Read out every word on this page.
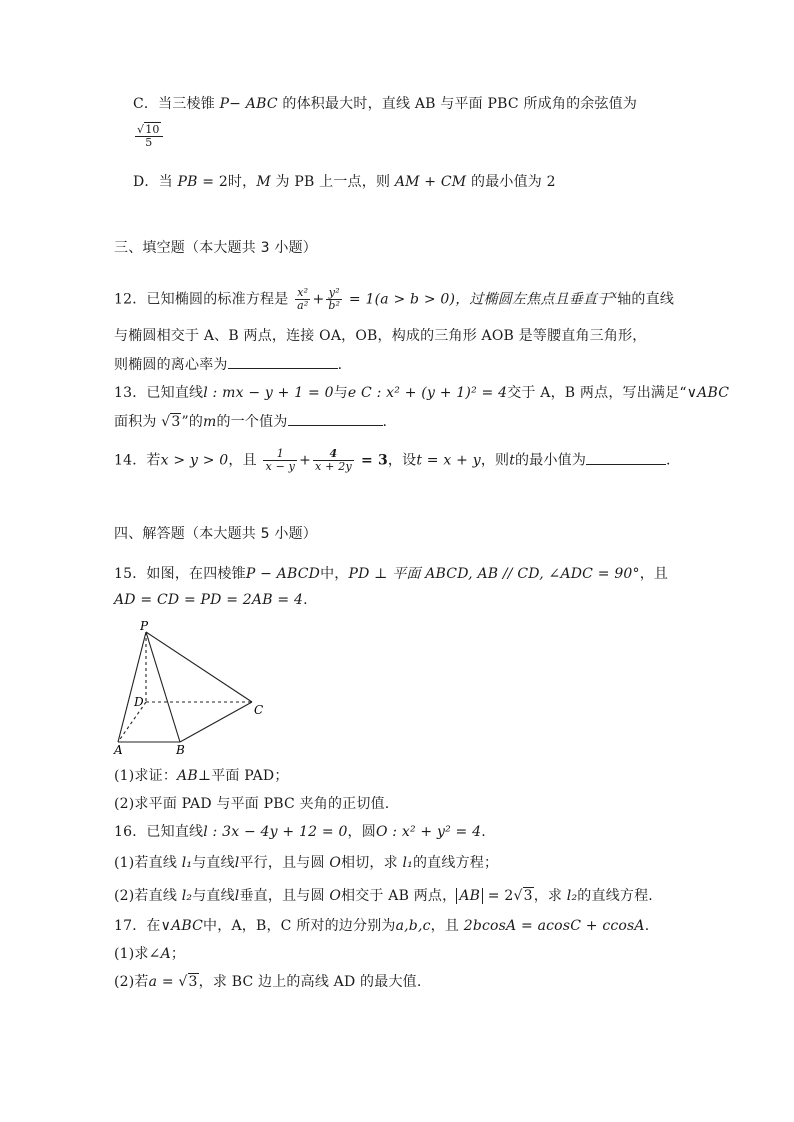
C．当三棱锥 P− ABC 的体积最大时，直线 AB 与平面 PBC 所成角的余弦值为
$\frac{√10}{5}$
D．当 PB = 2时，M 为 PB 上一点，则 AM + CM 的最小值为 2
三、填空题（本大题共 3 小题）
12．已知椭圆的标准方程是 $\frac{\text{x²}}{\text{a²}} + \frac{\text{y²}}{\text{b²}} = 1(a > b > 0)$，过椭圆左焦点且垂直于$^x$轴的直线
与椭圆相交于 A、B 两点，连接 OA，OB，构成的三角形 AOB 是等腰直角三角形，
则椭圆的离心率为	.
13．已知直线l : mx − y + 1 = 0与e C : x² + (y + 1)² = 4交于 A，B 两点，写出满足“∨ABC
面积为 √3”的m的一个值为	.
14．若x > y > 0，且 $\frac{1}{x - y} + \frac{4}{x + 2y} = 3$，设t = x + y，则t的最小值为	.
四、解答题（本大题共 5 小题）
15．如图，在四棱锥P − ABCD中，PD ⊥ 平面 ABCD, AB // CD, ∠ADC = 90°，且
AD = CD = PD = 2AB = 4.
P
D
C
A	B
(1)求证：AB⊥平面 PAD；
(2)求平面 PAD 与平面 PBC 夹角的正切值.
16．已知直线l : 3x − 4y + 12 = 0，圆O : x² + y² = 4.
(1)若直线 l₁与直线l平行，且与圆 O相切，求 l₁的直线方程；
(2)若直线 l₂与直线l垂直，且与圆 O相交于 AB 两点， AB = 2√3，求 l₂的直线方程.
17．在∨ABC中，A，B，C 所对的边分别为a,b,c，且 2bcosA = acosC + ccosA.
(1)求∠A；
(2)若a = √3，求 BC 边上的高线 AD 的最大值.
